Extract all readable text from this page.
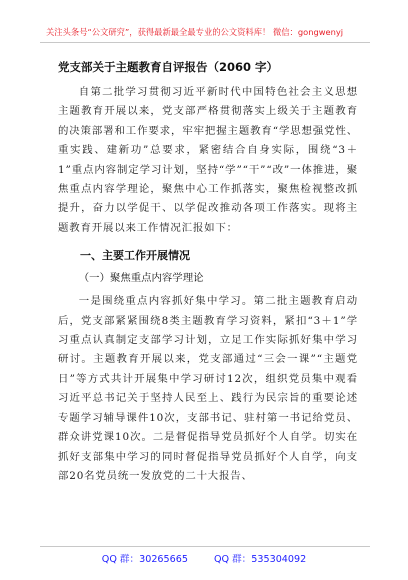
关注头条号“公文研究”，获得最新最全最专业的公文资料库！ 微信：gongwenyj
党支部关于主题教育自评报告（2060 字）

自第二批学习贯彻习近平新时代中国特色社会主义思想主题教育开展以来，党支部严格贯彻落实上级关于主题教育的决策部署和工作要求，牢牢把握主题教育“学思想强党性、重实践、建新功”总要求，紧密结合自身实际，围绕“3＋1”重点内容制定学习计划，坚持“学”“干”“改”一体推进，聚焦重点内容学理论，聚焦中心工作抓落实，聚焦检视整改抓提升，奋力以学促干、以学促改推动各项工作落实。现将主题教育开展以来工作情况汇报如下：

一、主要工作开展情况
（一）聚焦重点内容学理论

一是围绕重点内容抓好集中学习。第二批主题教育启动后，党支部紧紧围绕8类主题教育学习资料，紧扣“3＋1”学习重点认真制定支部学习计划，立足工作实际抓好集中学习研讨。主题教育开展以来，党支部通过“三会一课”“主题党日”等方式共计开展集中学习研讨12次，组织党员集中观看习近平总书记关于坚持人民至上、践行为民宗旨的重要论述专题学习辅导课件10次，支部书记、驻村第一书记给党员、群众讲党课10次。二是督促指导党员抓好个人自学。切实在抓好支部集中学习的同时督促指导党员抓好个人自学，向支部20名党员统一发放党的二十大报告、

QQ 群：30265665	QQ 群：535304092
